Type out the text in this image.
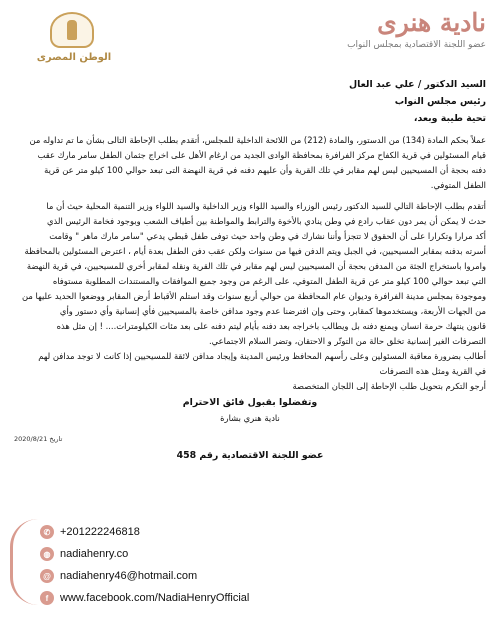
نادية هنرى
عضو اللجنة الاقتصادية بمجلس النواب
الوطن المصرى
السيد الدكتور / علي عبد العال
رئيس مجلس النواب
تحية طيبة وبعد،
عملاً بحكم المادة (134) من الدستور، والمادة (212) من اللائحة الداخلية للمجلس، أتقدم بطلب الإحاطة التالى بشأن ما تم تداوله من
قيام المسئولين في قرية الكفاح مركز الفرافرة بمحافظة الوادى الجديد من ارغام الأهل على اخراج جثمان الطفل سامر مارك عقب
دفنه بحجة أن المسيحيين ليس لهم مقابر في تلك القرية وأن عليهم دفنه في قرية النهضة التى تبعد حوالي 100 كيلو متر عن قرية
الطفل المتوفي.
أتقدم بطلب الإحاطة التالي للسيد الدكتور رئيس الوزراء والسيد اللواء وزير الداخلية والسيد اللواء وزير التنمية المحلية حيث أن ما
حدث لا يمكن أن يمر دون عقاب رادع في وطن ينادي بالأخوة والترابط والمواطنة بين أطياف الشعب وبوجود فخامة الرئيس الذي
أكد مرارا وتكرارا على أن الحقوق لا تتجزأ وأننا نشارك في وطن واحد حيث توفى طفل قبطي يدعي "سامر مارك ماهر " وقامت
أسرته بدفنه بمقابر المسيحيين، في الجبل ويتم الدفن فيها من سنوات ولكن عقب دفن الطفل بعدة أيام ، اعترض المسئولين بالمحافظة
وامروا باستخراج الجثة من المدفن بحجة أن المسيحيين ليس لهم مقابر في تلك القرية ونقله لمقابر أخري للمسيحيين، في قرية النهضة
التي تبعد حوالي 100 كيلو متر عن قرية الطفل المتوفي، على الرغم من وجود جميع الموافقات والمستندات المطلوبة مستوفاه
وموجودة بمجلس مدينة الفرافرة وديوان عام المحافظة من حوالي أربع سنوات وقد استلم الأقباط أرض المقابر ووضعوا الحديد عليها من
من الجهات الأربعة، ويستخدموها كمقابر، وحتى وإن افترضنا عدم وجود مدافن خاصة بالمسيحيين فأي إنسانية وأي دستور وأي
قانون ينتهك حرمة انسان ويمنع دفنه بل ويطالب باخراجه بعد دفنه بأيام ليتم دفنه على بعد مئات الكيلومترات.... ! إن مثل هذه
التصرفات الغير إنسانية تخلق حالة من التوتّر و الاحتقان، وتضر السلام الاجتماعي.
أطالب بضرورة معاقبة المسئولين وعلى رأسهم المحافظ ورئيس المدينة وإيجاد مدافن لائقة للمسيحيين إذا كانت لا توجد مدافن لهم
في القرية ومثل هذه التصرفات
أرجو التكرم بتحويل طلب الإحاطة إلى اللجان المتخصصة
وتفضلوا بقبول فائق الاحترام
نادية هنري بشارة
تاريخ 2020/8/21
عضو اللجنة الاقتصادية رقم 458
✆ +201222246818
◍ nadiahenry.co
@ nadiahenry46@hotmail.com
f	www.facebook.com/NadiaHenryOfficial
